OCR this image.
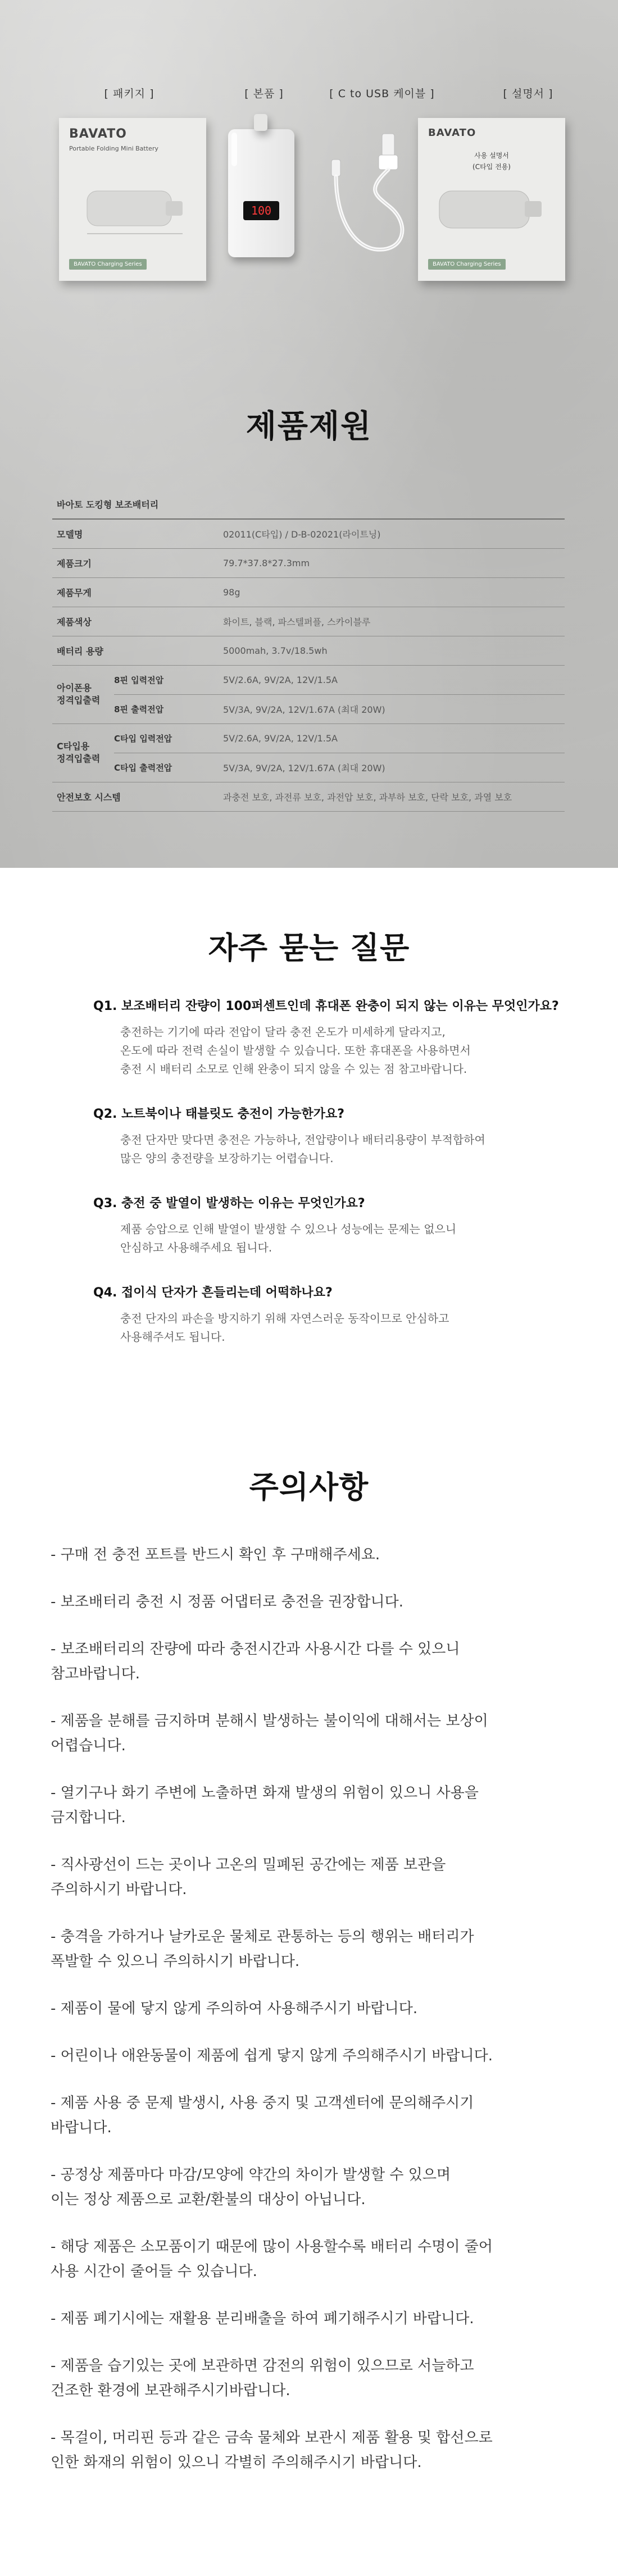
[ 패키지 ]	[ 본품 ]	[ C to USB 케이블 ]	[ 설명서 ]
BAVATO
Portable Folding Mini Battery
BAVATO Charging Series
100
BAVATO
사용 설명서
(C타입 전용)
BAVATO Charging Series
제품제원
바아토 도킹형 보조배터리		
모델명		02011(C타입) / D-B-02021(라이트닝)
제품크기		79.7*37.8*27.3mm
제품무게		98g
제품색상		화이트, 블랙, 파스텔퍼플, 스카이블루
배터리 용량		5000mah, 3.7v/18.5wh
아이폰용
정격입출력	8핀 입력전압	5V/2.6A, 9V/2A, 12V/1.5A
	8핀 출력전압	5V/3A, 9V/2A, 12V/1.67A (최대 20W)
C타입용
정격입출력	C타입 입력전압	5V/2.6A, 9V/2A, 12V/1.5A
	C타입 출력전압	5V/3A, 9V/2A, 12V/1.67A (최대 20W)
안전보호 시스템		과충전 보호, 과전류 보호, 과전압 보호, 과부하 보호, 단락 보호, 과열 보호
자주 묻는 질문
Q1. 보조배터리 잔량이 100퍼센트인데 휴대폰 완충이 되지 않는 이유는 무엇인가요?
충전하는 기기에 따라 전압이 달라 충전 온도가 미세하게 달라지고,
온도에 따라 전력 손실이 발생할 수 있습니다. 또한 휴대폰을 사용하면서
충전 시 배터리 소모로 인해 완충이 되지 않을 수 있는 점 참고바랍니다.
Q2. 노트북이나 태블릿도 충전이 가능한가요?
충전 단자만 맞다면 충전은 가능하나, 전압량이나 배터리용량이 부적합하여
많은 양의 충전량을 보장하기는 어렵습니다.
Q3. 충전 중 발열이 발생하는 이유는 무엇인가요?
제품 승압으로 인해 발열이 발생할 수 있으나 성능에는 문제는 없으니
안심하고 사용해주세요 됩니다.
Q4. 접이식 단자가 흔들리는데 어떡하나요?
충전 단자의 파손을 방지하기 위해 자연스러운 동작이므로 안심하고
사용해주셔도 됩니다.
주의사항

- 구매 전 충전 포트를 반드시 확인 후 구매해주세요.

- 보조배터리 충전 시 정품 어댑터로 충전을 권장합니다.

- 보조배터리의 잔량에 따라 충전시간과 사용시간 다를 수 있으니
참고바랍니다.

- 제품을 분해를 금지하며 분해시 발생하는 불이익에 대해서는 보상이
어렵습니다.

- 열기구나 화기 주변에 노출하면 화재 발생의 위험이 있으니 사용을
금지합니다.

- 직사광선이 드는 곳이나 고온의 밀폐된 공간에는 제품 보관을
주의하시기 바랍니다.

- 충격을 가하거나 날카로운 물체로 관통하는 등의 행위는 배터리가
폭발할 수 있으니 주의하시기 바랍니다.

- 제품이 물에 닿지 않게 주의하여 사용해주시기 바랍니다.

- 어린이나 애완동물이 제품에 쉽게 닿지 않게 주의해주시기 바랍니다.

- 제품 사용 중 문제 발생시, 사용 중지 및 고객센터에 문의해주시기
바랍니다.

- 공정상 제품마다 마감/모양에 약간의 차이가 발생할 수 있으며
이는 정상 제품으로 교환/환불의 대상이 아닙니다.

- 해당 제품은 소모품이기 때문에 많이 사용할수록 배터리 수명이 줄어
사용 시간이 줄어들 수 있습니다.

- 제품 폐기시에는 재활용 분리배출을 하여 폐기해주시기 바랍니다.

- 제품을 습기있는 곳에 보관하면 감전의 위험이 있으므로 서늘하고
건조한 환경에 보관해주시기바랍니다.

- 목걸이, 머리핀 등과 같은 금속 물체와 보관시 제품 활용 및 합선으로
인한 화재의 위험이 있으니 각별히 주의해주시기 바랍니다.
